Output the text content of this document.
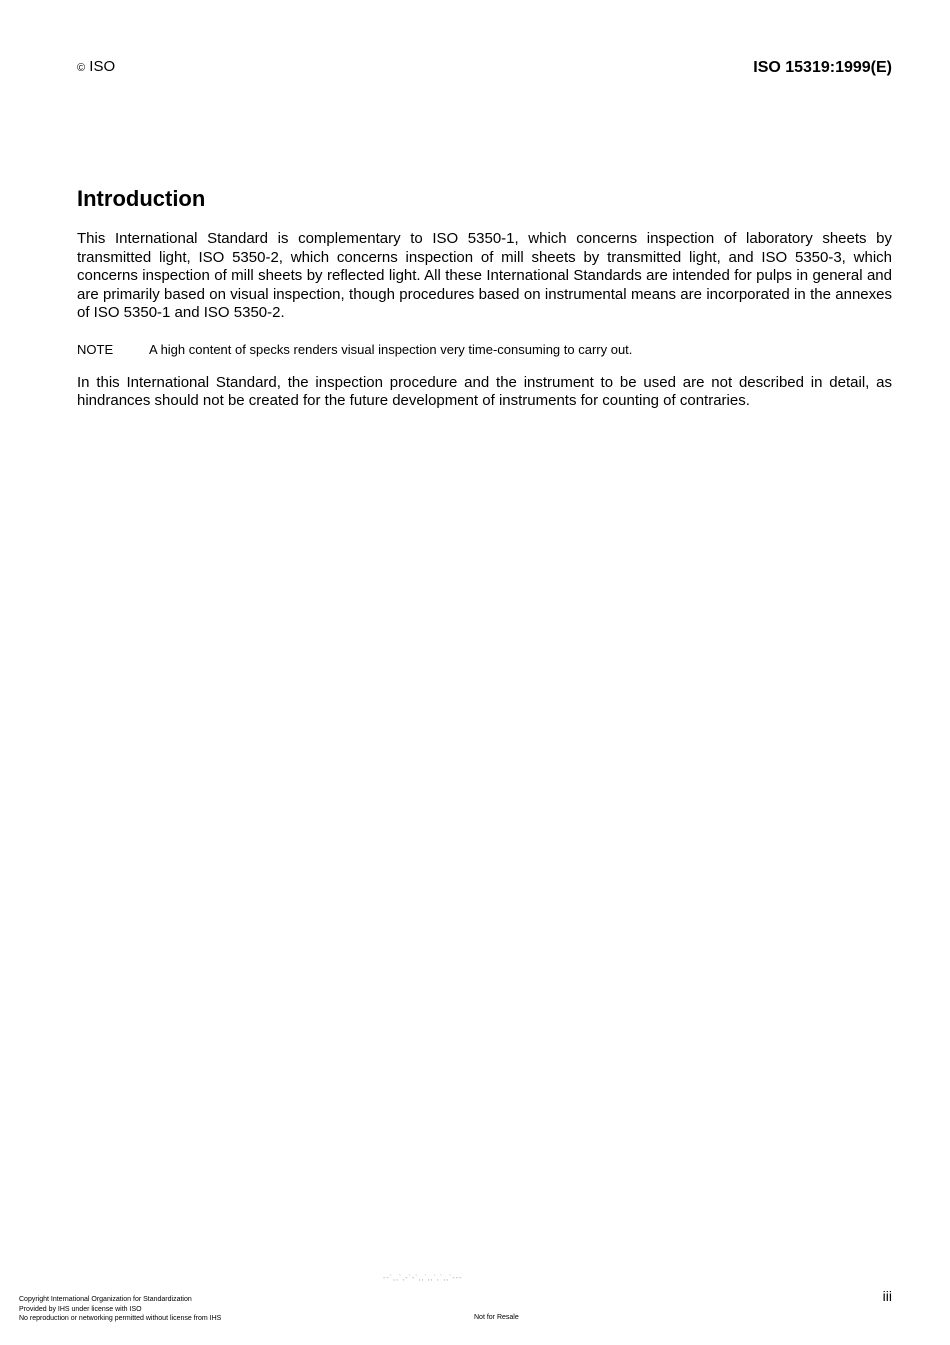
© ISO	ISO 15319:1999(E)
Introduction

This International Standard is complementary to ISO 5350-1, which concerns inspection of laboratory sheets by transmitted light, ISO 5350-2, which concerns inspection of mill sheets by transmitted light, and ISO 5350-3, which concerns inspection of mill sheets by reflected light. All these International Standards are intended for pulps in general and are primarily based on visual inspection, though procedures based on instrumental means are incorporated in the annexes of ISO 5350-1 and ISO 5350-2.

NOTE	A high content of specks renders visual inspection very time-consuming to carry out.

In this International Standard, the inspection procedure and the instrument to be used are not described in detail, as hindrances should not be created for the future development of instruments for counting of contraries.

--`,,`,-`-`,,`,,`,`,,`---
iii
Copyright International Organization for Standardization
Provided by IHS under license with ISO
No reproduction or networking permitted without license from IHS	Not for Resale
